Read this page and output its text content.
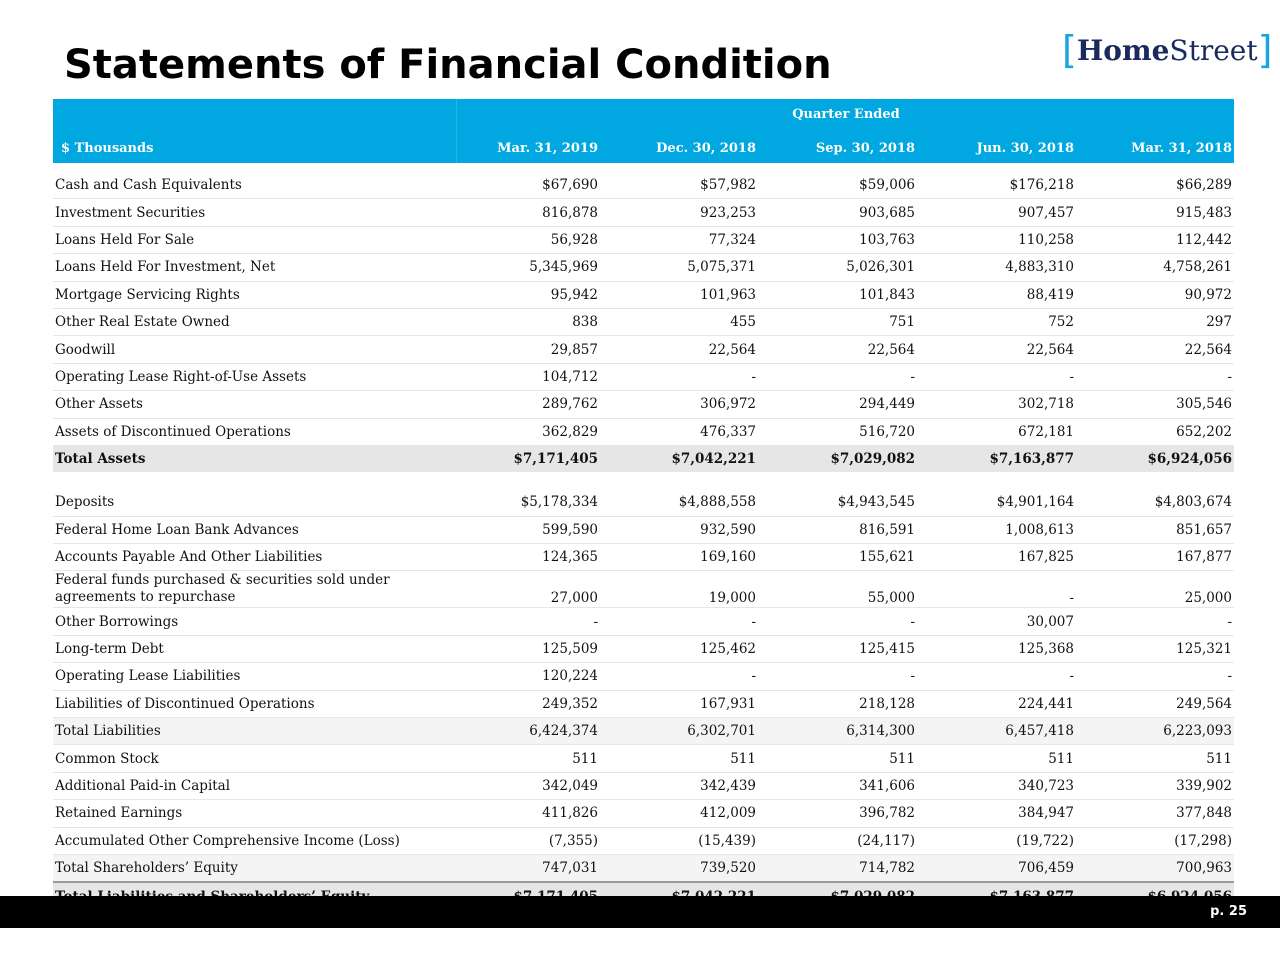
Statements of Financial Condition	[ Home Street ]
Quarter Ended
$ Thousands	Mar. 31, 2019	Dec. 30, 2018	Sep. 30, 2018	Jun. 30, 2018	Mar. 31, 2018
Cash and Cash Equivalents	$67,690	$57,982	$59,006	$176,218	$66,289
Investment Securities	816,878	923,253	903,685	907,457	915,483
Loans Held For Sale	56,928	77,324	103,763	110,258	112,442
Loans Held For Investment, Net	5,345,969	5,075,371	5,026,301	4,883,310	4,758,261
Mortgage Servicing Rights	95,942	101,963	101,843	88,419	90,972
Other Real Estate Owned	838	455	751	752	297
Goodwill	29,857	22,564	22,564	22,564	22,564
Operating Lease Right-of-Use Assets	104,712	-	-	-	-
Other Assets	289,762	306,972	294,449	302,718	305,546
Assets of Discontinued Operations	362,829	476,337	516,720	672,181	652,202
Total Assets	$7,171,405	$7,042,221	$7,029,082	$7,163,877	$6,924,056

Deposits	$5,178,334	$4,888,558	$4,943,545	$4,901,164	$4,803,674
Federal Home Loan Bank Advances	599,590	932,590	816,591	1,008,613	851,657
Accounts Payable And Other Liabilities	124,365	169,160	155,621	167,825	167,877
Federal funds purchased & securities sold under agreements to repurchase	27,000	19,000	55,000	-	25,000
Other Borrowings	-	-	-	30,007	-
Long-term Debt	125,509	125,462	125,415	125,368	125,321
Operating Lease Liabilities	120,224	-	-	-	-
Liabilities of Discontinued Operations	249,352	167,931	218,128	224,441	249,564
Total Liabilities	6,424,374	6,302,701	6,314,300	6,457,418	6,223,093
Common Stock	511	511	511	511	511
Additional Paid-in Capital	342,049	342,439	341,606	340,723	339,902
Retained Earnings	411,826	412,009	396,782	384,947	377,848
Accumulated Other Comprehensive Income (Loss)	(7,355)	(15,439)	(24,117)	(19,722)	(17,298)
Total Shareholders’ Equity	747,031	739,520	714,782	706,459	700,963

p. 25
